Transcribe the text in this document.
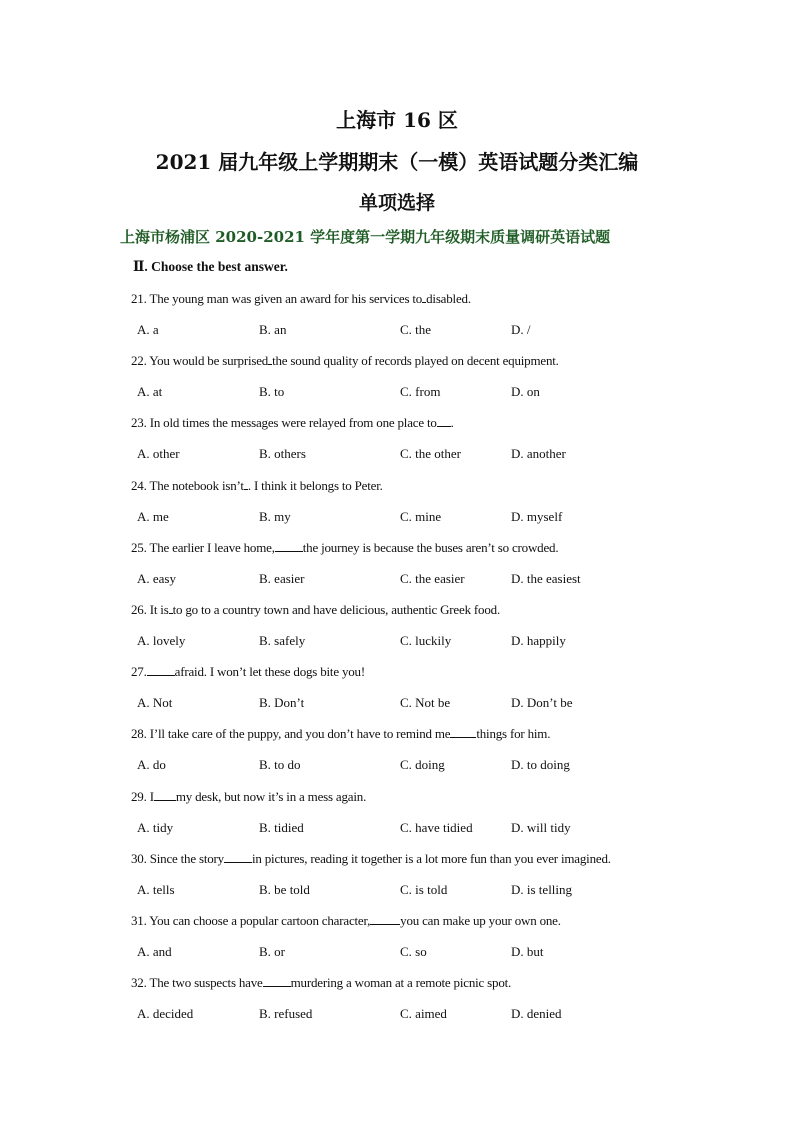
上海市 16 区
2021 届九年级上学期期末（一模）英语试题分类汇编
单项选择
上海市杨浦区 2020-2021 学年度第一学期九年级期末质量调研英语试题
Ⅱ. Choose the best answer.
21. The young man was given an award for his services to disabled.
A. a	B. an	C. the	D. /
22. You would be surprised the sound quality of records played on decent equipment.
A. at	B. to	C. from	D. on
23. In old times the messages were relayed from one place to .
A. other	B. others	C. the other	D. another
24. The notebook isn’t . I think it belongs to Peter.
A. me	B. my	C. mine	D. myself
25. The earlier I leave home, the journey is because the buses aren’t so crowded.
A. easy	B. easier	C. the easier	D. the easiest
26. It is to go to a country town and have delicious, authentic Greek food.
A. lovely	B. safely	C. luckily	D. happily
27. afraid. I won’t let these dogs bite you!
A. Not	B. Don’t	C. Not be	D. Don’t be
28. I’ll take care of the puppy, and you don’t have to remind me things for him.
A. do	B. to do	C. doing	D. to doing
29. I my desk, but now it’s in a mess again.
A. tidy	B. tidied	C. have tidied	D. will tidy
30. Since the story in pictures, reading it together is a lot more fun than you ever imagined.
A. tells	B. be told	C. is told	D. is telling
31. You can choose a popular cartoon character, you can make up your own one.
A. and	B. or	C. so	D. but
32. The two suspects have murdering a woman at a remote picnic spot.
A. decided	B. refused	C. aimed	D. denied
